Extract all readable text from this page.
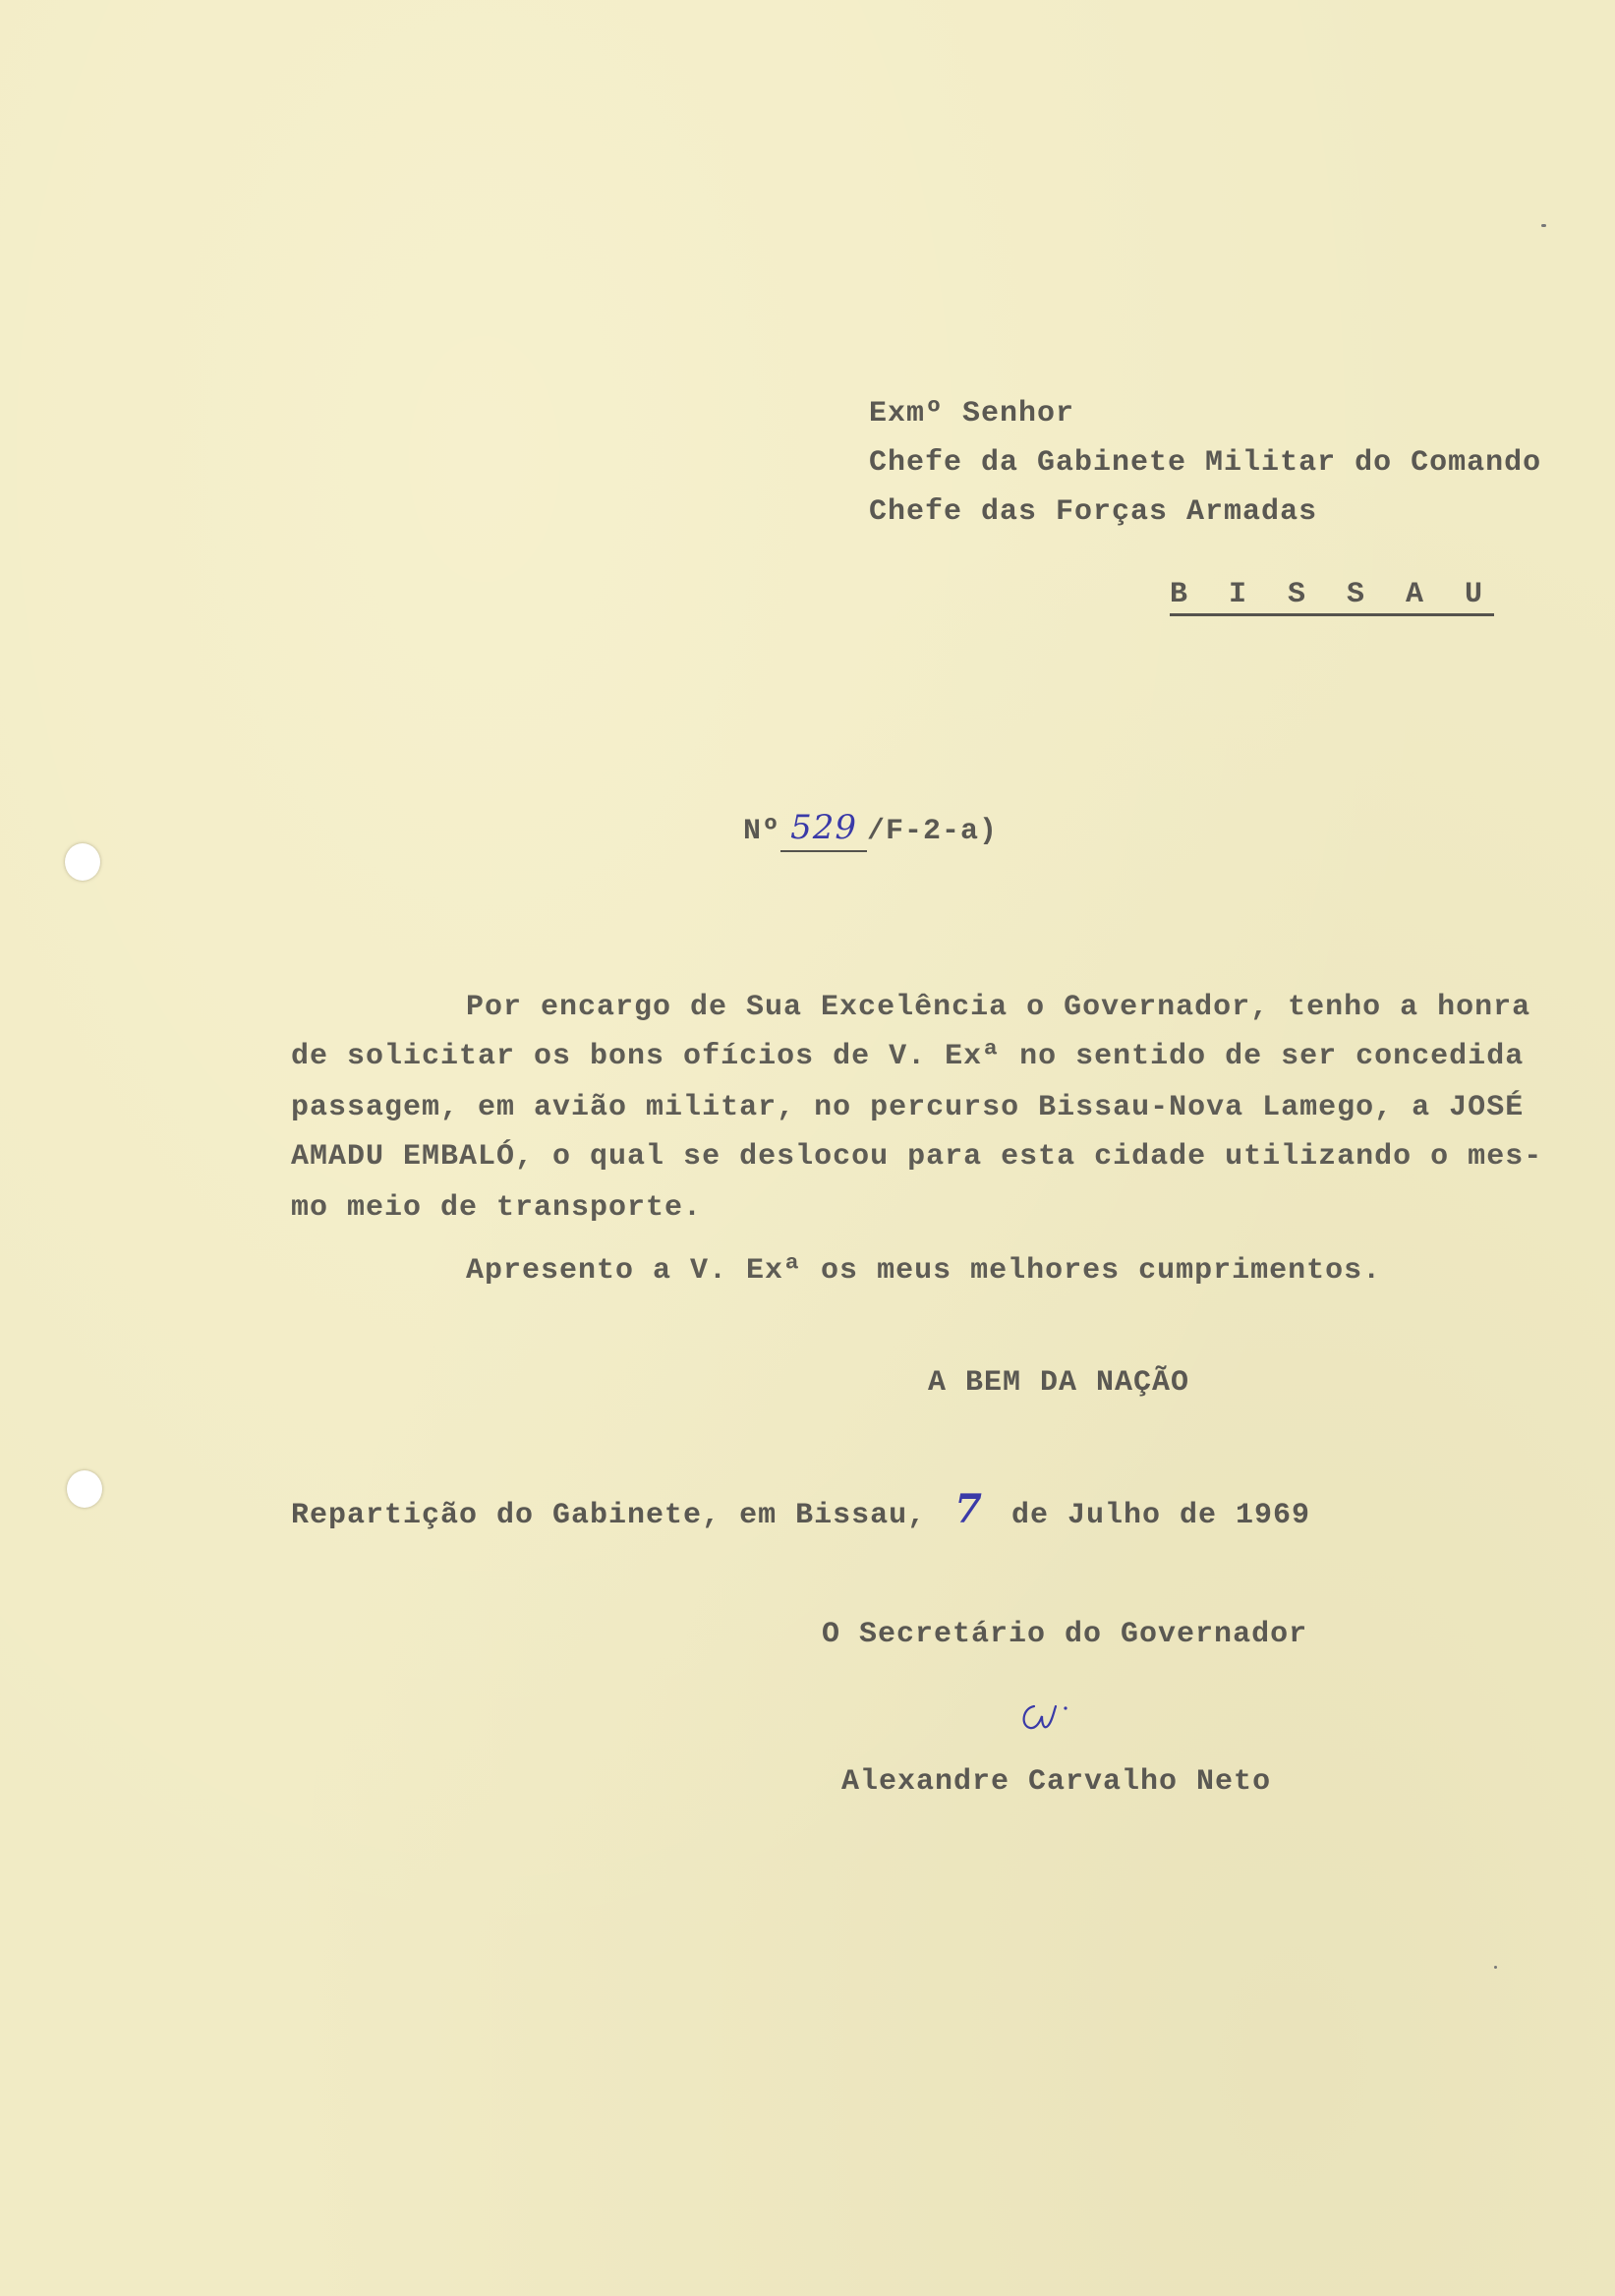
Exmº Senhor
Chefe da Gabinete Militar do Comando
Chefe das Forças Armadas
B I S S A U
Nº 529 /F-2-a)
Por encargo de Sua Excelência o Governador, tenho a honra
de solicitar os bons ofícios de V. Exª no sentido de ser concedida
passagem, em avião militar, no percurso Bissau-Nova Lamego, a JOSÉ
AMADU EMBALÓ, o qual se deslocou para esta cidade utilizando o mes-
mo meio de transporte.
Apresento a V. Exª os meus melhores cumprimentos.
A BEM DA NAÇÃO
Repartição do Gabinete, em Bissau, 7 de Julho de 1969
O Secretário do Governador
Alexandre Carvalho Neto
